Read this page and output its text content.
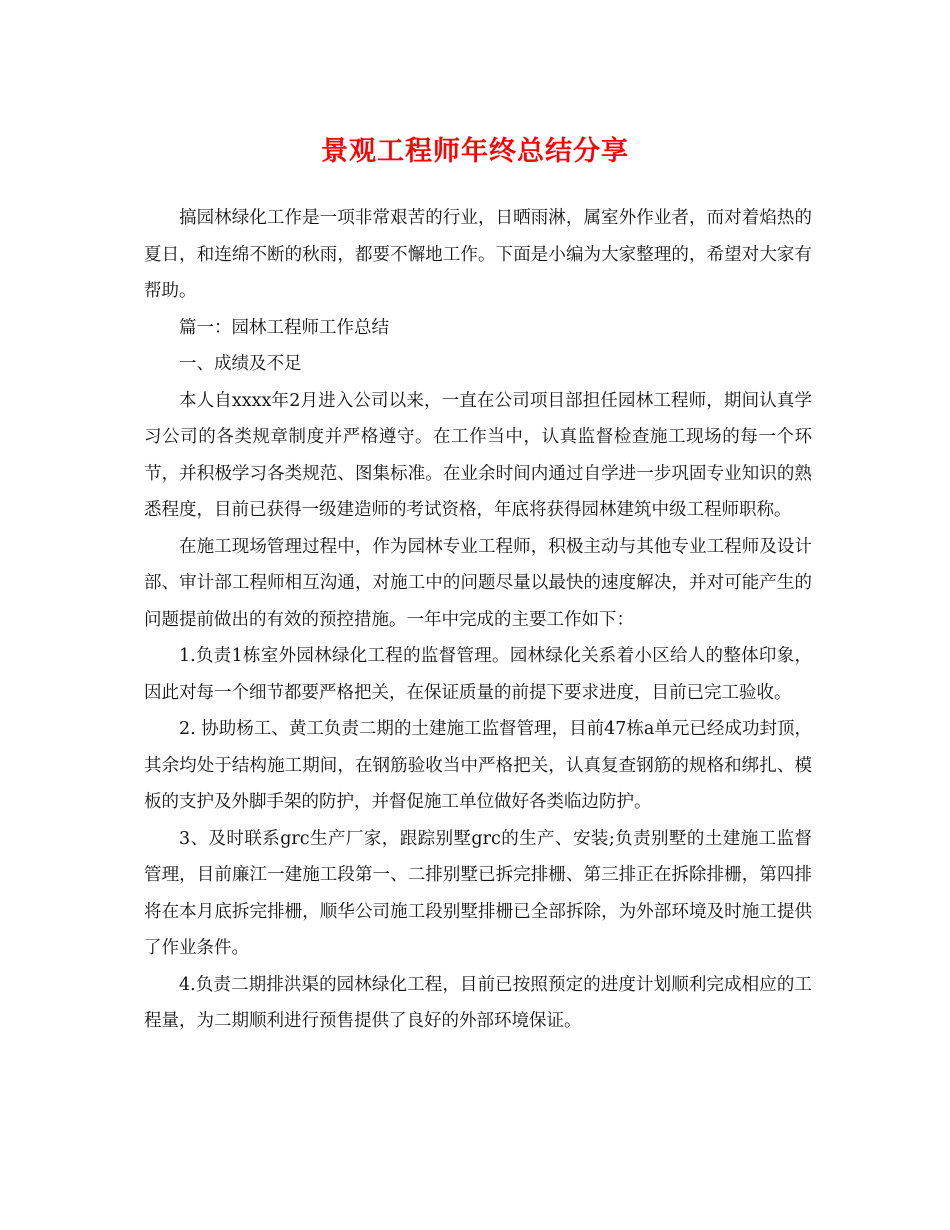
景观工程师年终总结分享

搞园林绿化工作是一项非常艰苦的行业，日晒雨淋，属室外作业者，而对着焰热的夏日，和连绵不断的秋雨，都要不懈地工作。下面是小编为大家整理的，希望对大家有帮助。

篇一：园林工程师工作总结

一、成绩及不足

本人自xxxx年2月进入公司以来，一直在公司项目部担任园林工程师，期间认真学习公司的各类规章制度并严格遵守。在工作当中，认真监督检查施工现场的每一个环节，并积极学习各类规范、图集标准。在业余时间内通过自学进一步巩固专业知识的熟悉程度，目前已获得一级建造师的考试资格，年底将获得园林建筑中级工程师职称。

在施工现场管理过程中，作为园林专业工程师，积极主动与其他专业工程师及设计部、审计部工程师相互沟通，对施工中的问题尽量以最快的速度解决，并对可能产生的问题提前做出的有效的预控措施。一年中完成的主要工作如下：

1.负责1栋室外园林绿化工程的监督管理。园林绿化关系着小区给人的整体印象，因此对每一个细节都要严格把关，在保证质量的前提下要求进度，目前已完工验收。

2. 协助杨工、黄工负责二期的土建施工监督管理，目前47栋a单元已经成功封顶，其余均处于结构施工期间，在钢筋验收当中严格把关，认真复查钢筋的规格和绑扎、模板的支护及外脚手架的防护，并督促施工单位做好各类临边防护。

3、及时联系grc生产厂家，跟踪别墅grc的生产、安装;负责别墅的土建施工监督管理，目前廉江一建施工段第一、二排别墅已拆完排栅、第三排正在拆除排栅，第四排将在本月底拆完排栅，顺华公司施工段别墅排栅已全部拆除，为外部环境及时施工提供了作业条件。

4.负责二期排洪渠的园林绿化工程，目前已按照预定的进度计划顺利完成相应的工程量，为二期顺利进行预售提供了良好的外部环境保证。
